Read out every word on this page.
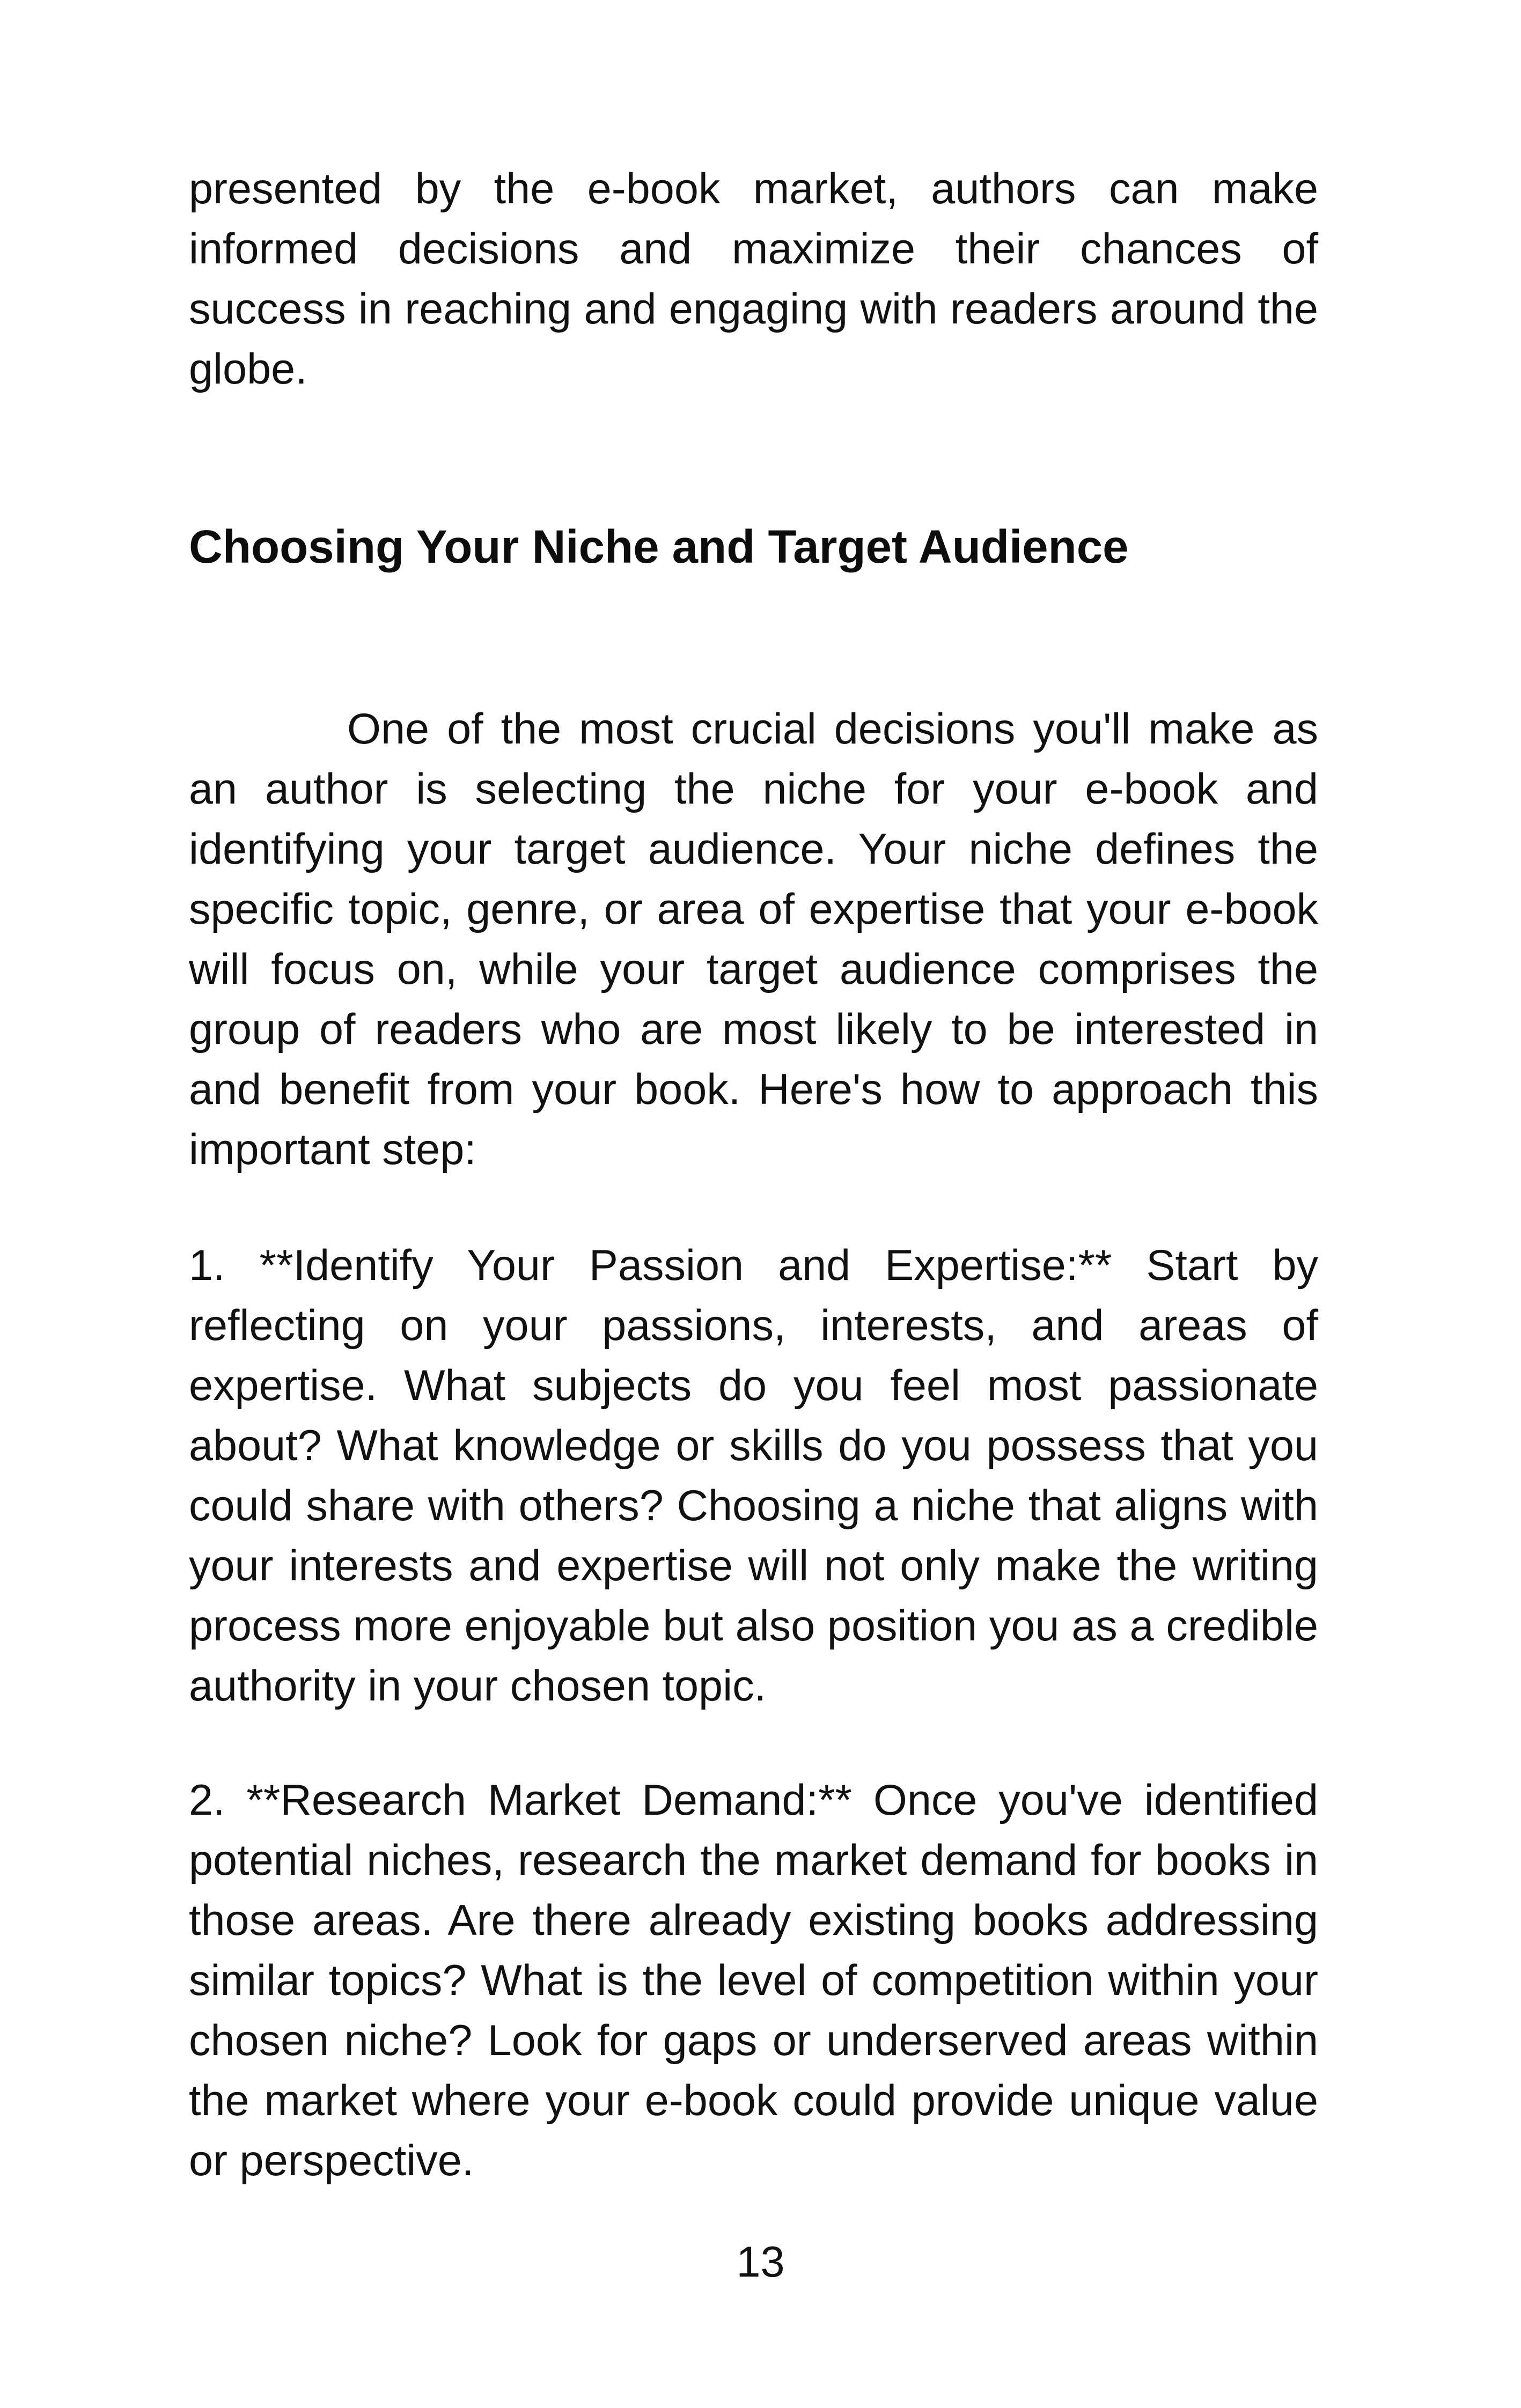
presented by the e-book market, authors can make informed decisions and maximize their chances of success in reaching and engaging with readers around the globe.

Choosing Your Niche and Target Audience

One of the most crucial decisions you'll make as an author is selecting the niche for your e-book and identifying your target audience. Your niche defines the specific topic, genre, or area of expertise that your e-book will focus on, while your target audience comprises the group of readers who are most likely to be interested in and benefit from your book. Here's how to approach this important step:

1. **Identify Your Passion and Expertise:** Start by reflecting on your passions, interests, and areas of expertise. What subjects do you feel most passionate about? What knowledge or skills do you possess that you could share with others? Choosing a niche that aligns with your interests and expertise will not only make the writing process more enjoyable but also position you as a credible authority in your chosen topic.

2. **Research Market Demand:** Once you've identified potential niches, research the market demand for books in those areas. Are there already existing books addressing similar topics? What is the level of competition within your chosen niche? Look for gaps or underserved areas within the market where your e-book could provide unique value or perspective.

13
